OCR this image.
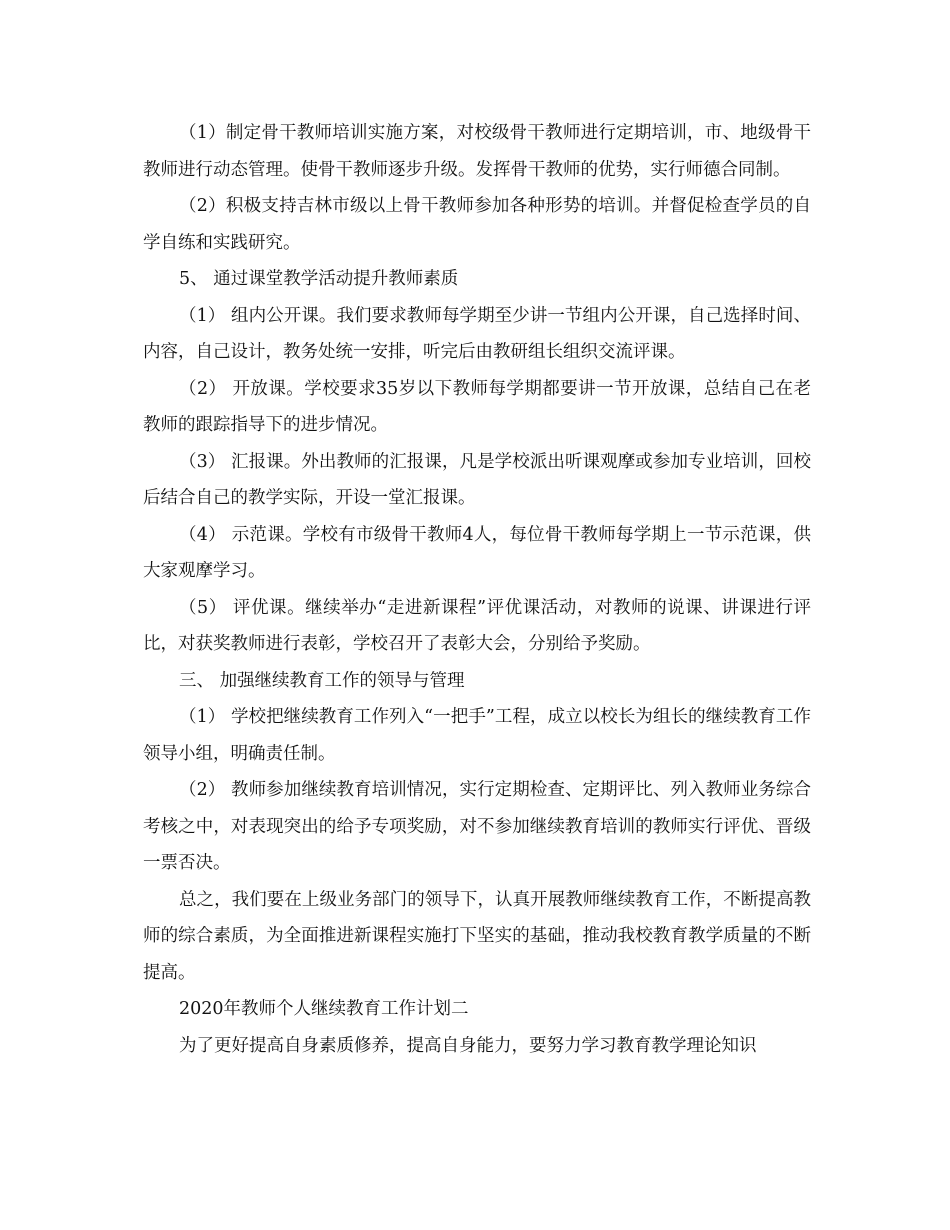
（1）制定骨干教师培训实施方案，对校级骨干教师进行定期培训，市、地级骨干教师进行动态管理。使骨干教师逐步升级。发挥骨干教师的优势，实行师德合同制。

（2）积极支持吉林市级以上骨干教师参加各种形势的培训。并督促检查学员的自学自练和实践研究。

5、 通过课堂教学活动提升教师素质

（1） 组内公开课。我们要求教师每学期至少讲一节组内公开课，自己选择时间、内容，自己设计，教务处统一安排，听完后由教研组长组织交流评课。

（2） 开放课。学校要求35岁以下教师每学期都要讲一节开放课，总结自己在老教师的跟踪指导下的进步情况。

（3） 汇报课。外出教师的汇报课，凡是学校派出听课观摩或参加专业培训，回校后结合自己的教学实际，开设一堂汇报课。

（4） 示范课。学校有市级骨干教师4人，每位骨干教师每学期上一节示范课，供大家观摩学习。

（5） 评优课。继续举办“走进新课程”评优课活动，对教师的说课、讲课进行评比，对获奖教师进行表彰，学校召开了表彰大会，分别给予奖励。

三、 加强继续教育工作的领导与管理

（1） 学校把继续教育工作列入“一把手”工程，成立以校长为组长的继续教育工作领导小组，明确责任制。

（2） 教师参加继续教育培训情况，实行定期检查、定期评比、列入教师业务综合考核之中，对表现突出的给予专项奖励，对不参加继续教育培训的教师实行评优、晋级一票否决。

总之，我们要在上级业务部门的领导下，认真开展教师继续教育工作，不断提高教师的综合素质，为全面推进新课程实施打下坚实的基础，推动我校教育教学质量的不断提高。

2020年教师个人继续教育工作计划二

为了更好提高自身素质修养，提高自身能力，要努力学习教育教学理论知识
